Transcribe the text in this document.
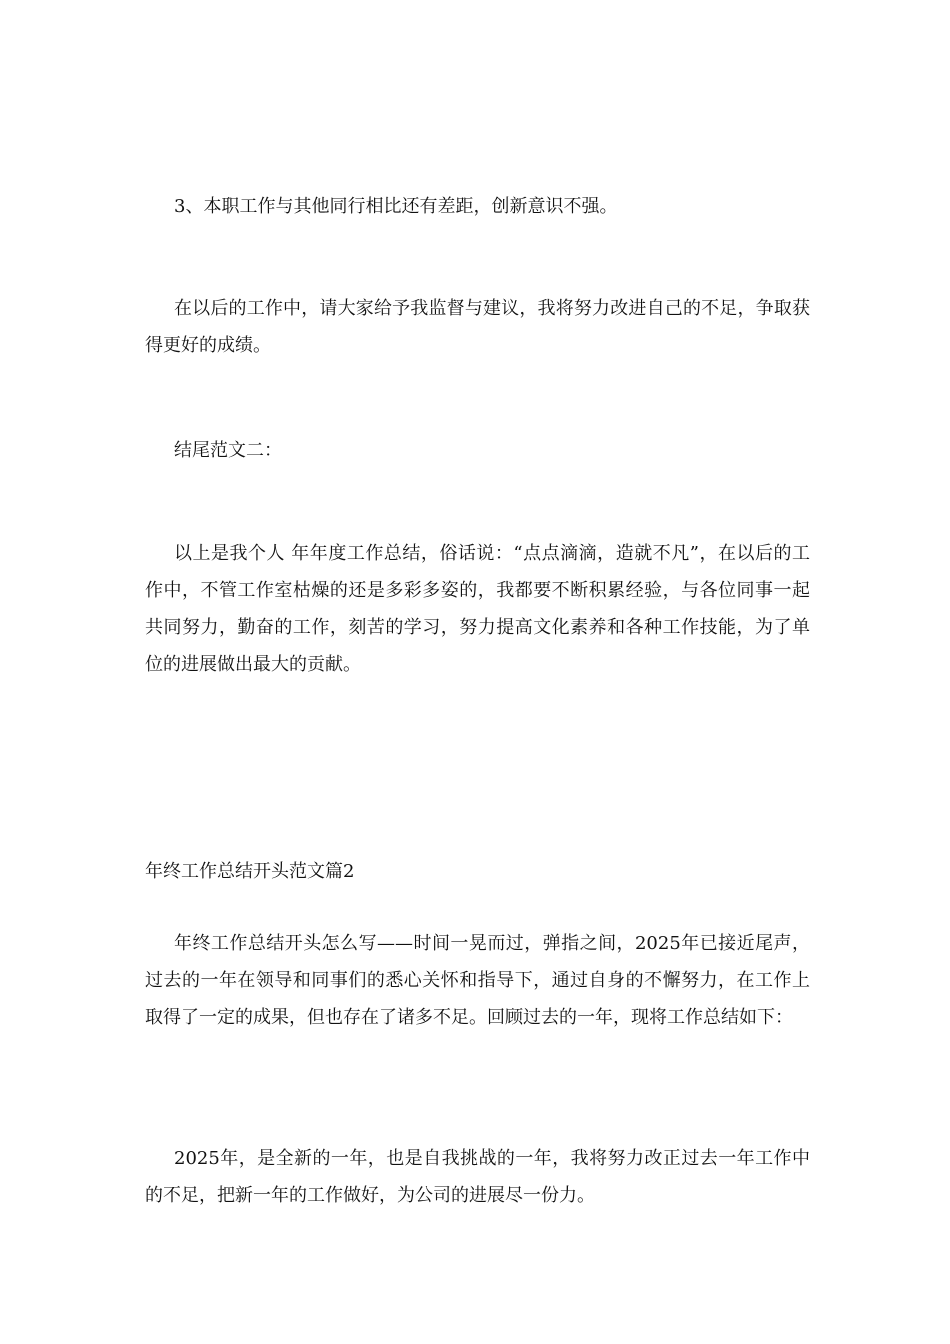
3、本职工作与其他同行相比还有差距，创新意识不强。

在以后的工作中，请大家给予我监督与建议，我将努力改进自己的不足，争取获得更好的成绩。

结尾范文二：

以上是我个人 年年度工作总结，俗话说：“点点滴滴，造就不凡”，在以后的工作中，不管工作室枯燥的还是多彩多姿的，我都要不断积累经验，与各位同事一起共同努力，勤奋的工作，刻苦的学习，努力提高文化素养和各种工作技能，为了单位的进展做出最大的贡献。

年终工作总结开头范文篇2

年终工作总结开头怎么写——时间一晃而过，弹指之间，2025年已接近尾声，过去的一年在领导和同事们的悉心关怀和指导下，通过自身的不懈努力，在工作上取得了一定的成果，但也存在了诸多不足。回顾过去的一年，现将工作总结如下：

2025年，是全新的一年，也是自我挑战的一年，我将努力改正过去一年工作中的不足，把新一年的工作做好，为公司的进展尽一份力。
